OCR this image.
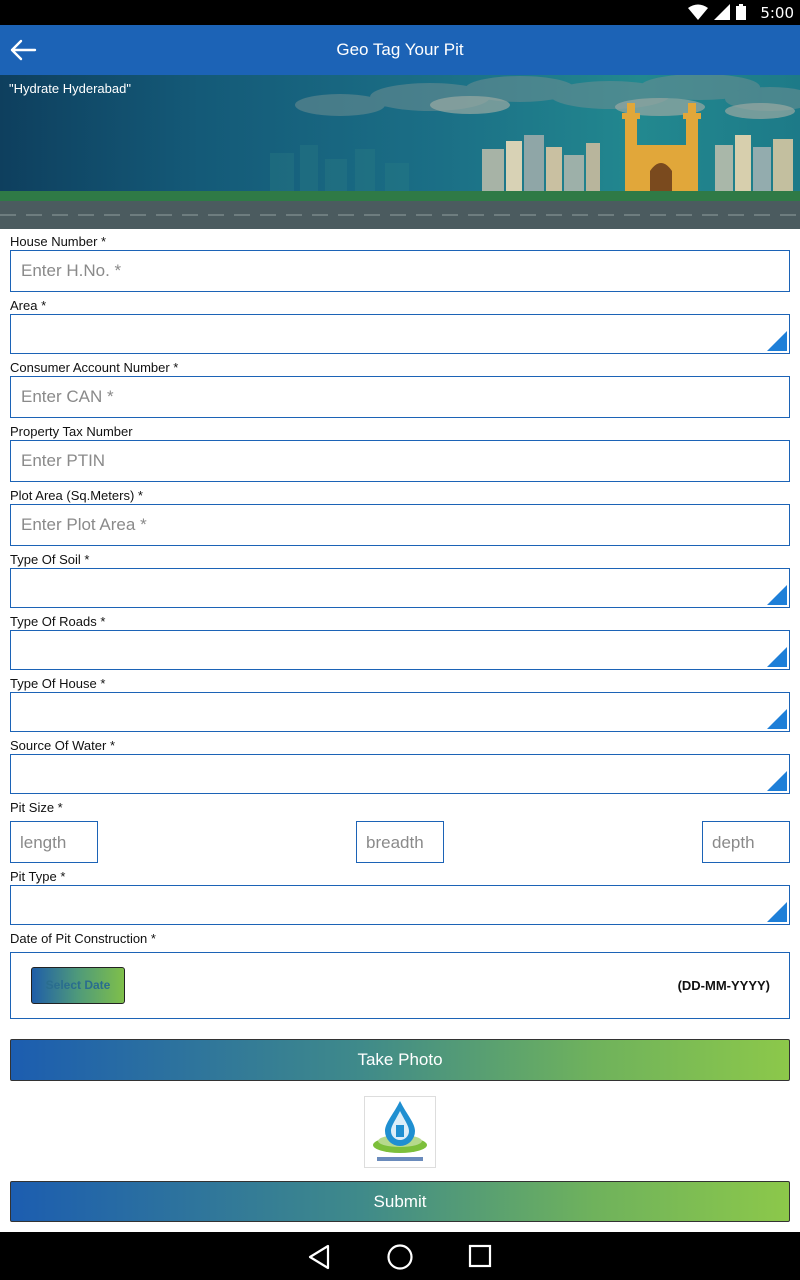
5:00
Geo Tag Your Pit
"Hydrate Hyderabad"
House Number *
Enter H.No. *
Area *
Consumer Account Number *
Enter CAN *
Property Tax Number
Enter PTIN
Plot Area (Sq.Meters) *
Enter Plot Area *
Type Of Soil *
Type Of Roads *
Type Of House *
Source Of Water *
Pit Size *
length	breadth	depth
Pit Type *
Date of Pit Construction *
Select Date	(DD-MM-YYYY)
Take Photo
Submit
